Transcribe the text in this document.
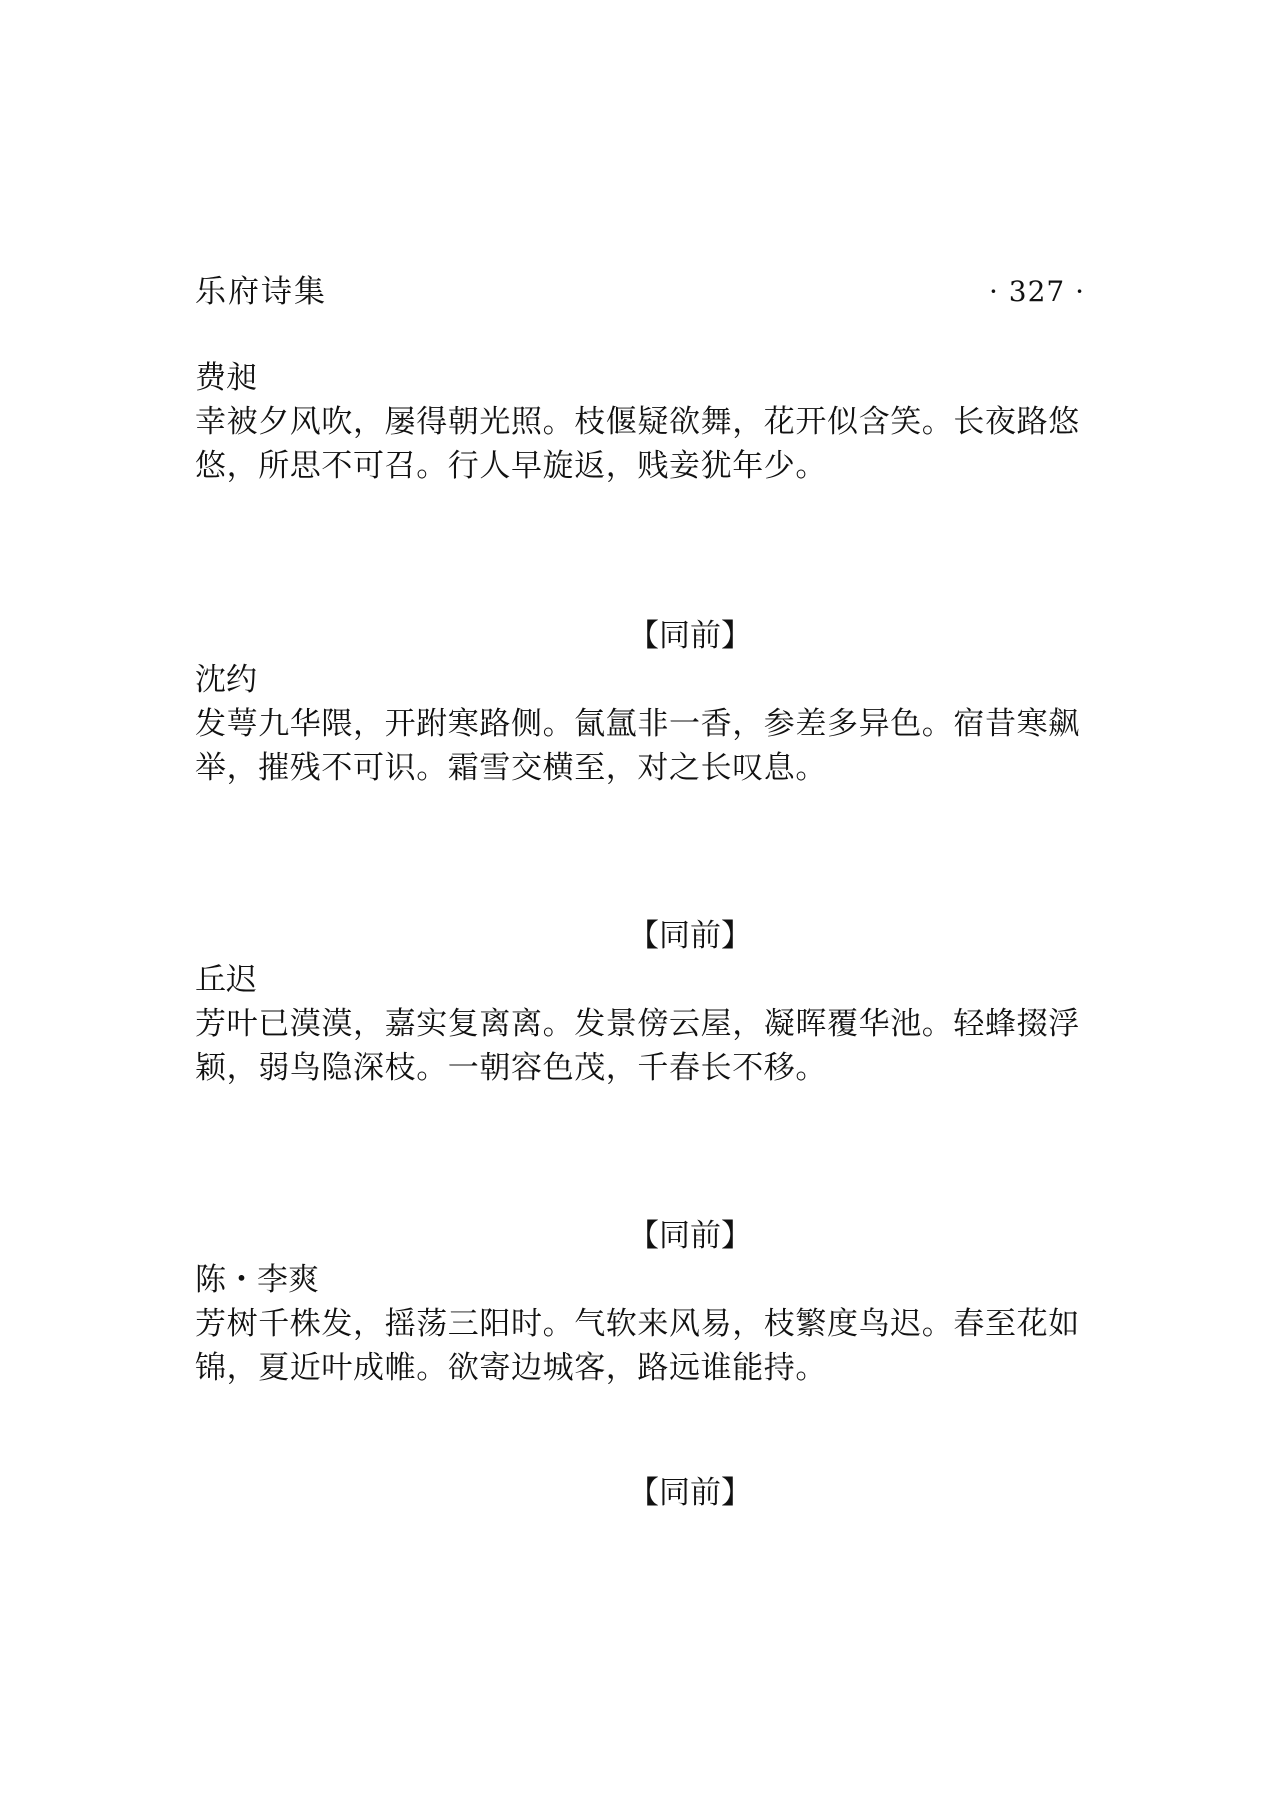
乐府诗集	· 327 ·
费昶
幸被夕风吹，屡得朝光照。枝偃疑欲舞，花开似含笑。长夜路悠悠，所思不可召。行人早旋返，贱妾犹年少。
【同前】
沈约
发萼九华隈，开跗寒路侧。氤氲非一香，参差多异色。宿昔寒飙举，摧残不可识。霜雪交横至，对之长叹息。
【同前】
丘迟
芳叶已漠漠，嘉实复离离。发景傍云屋，凝晖覆华池。轻蜂掇浮颖，弱鸟隐深枝。一朝容色茂，千春长不移。
【同前】
陈・李爽
芳树千株发，摇荡三阳时。气软来风易，枝繁度鸟迟。春至花如锦，夏近叶成帷。欲寄边城客，路远谁能持。
【同前】
